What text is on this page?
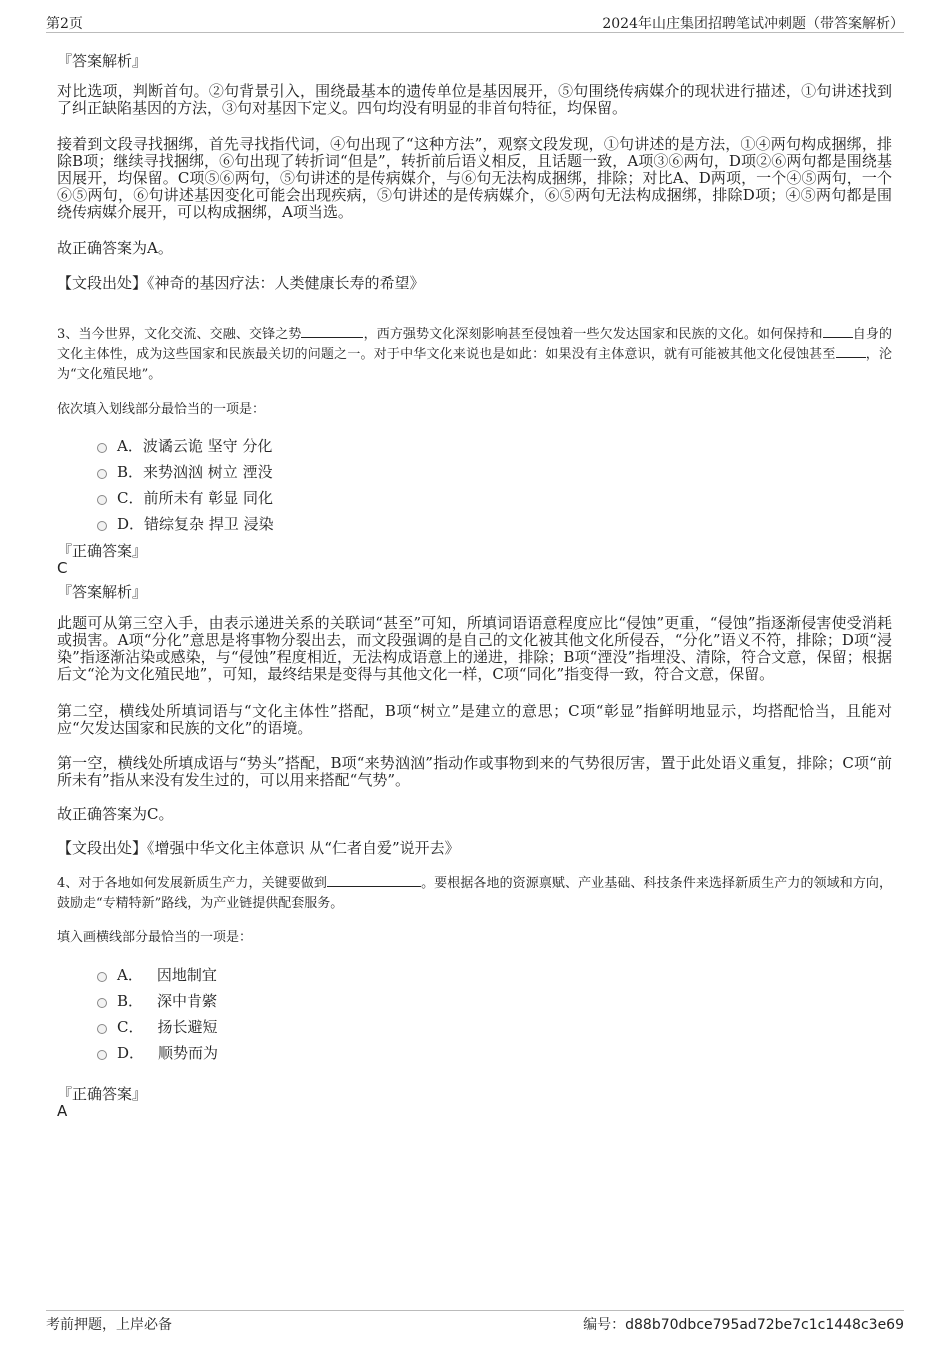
第2页	2024年山庄集团招聘笔试冲刺题（带答案解析）
『答案解析』
对比选项，判断首句。②句背景引入，围绕最基本的遗传单位是基因展开，⑤句围绕传病媒介的现状进行描述，①句讲述找到了纠正缺陷基因的方法，③句对基因下定义。四句均没有明显的非首句特征，均保留。
接着到文段寻找捆绑，首先寻找指代词，④句出现了“这种方法”，观察文段发现，①句讲述的是方法，①④两句构成捆绑，排除B项；继续寻找捆绑，⑥句出现了转折词“但是”，转折前后语义相反，且话题一致，A项③⑥两句，D项②⑥两句都是围绕基因展开，均保留。C项⑤⑥两句，⑤句讲述的是传病媒介，与⑥句无法构成捆绑，排除；对比A、D两项，一个④⑤两句，一个⑥⑤两句，⑥句讲述基因变化可能会出现疾病，⑤句讲述的是传病媒介，⑥⑤两句无法构成捆绑，排除D项；④⑤两句都是围绕传病媒介展开，可以构成捆绑，A项当选。
故正确答案为A。
【文段出处】《神奇的基因疗法：人类健康长寿的希望》
3、当今世界，文化交流、交融、交锋之势	，西方强势文化深刻影响甚至侵蚀着一些欠发达国家和民族的文化。如何保持和 自身的文化主体性，成为这些国家和民族最关切的问题之一。对于中华文化来说也是如此：如果没有主体意识，就有可能被其他文化侵蚀甚至 ，沦为“文化殖民地”。
依次填入划线部分最恰当的一项是：
A．波谲云诡 坚守 分化
B．来势汹汹 树立 湮没
C．前所未有 彰显 同化
D．错综复杂 捍卫 浸染
『正确答案』
C
『答案解析』
此题可从第三空入手，由表示递进关系的关联词“甚至”可知，所填词语语意程度应比“侵蚀”更重，“侵蚀”指逐渐侵害使受消耗或损害。A项“分化”意思是将事物分裂出去，而文段强调的是自己的文化被其他文化所侵吞，“分化”语义不符，排除；D项“浸染”指逐渐沾染或感染，与“侵蚀”程度相近，无法构成语意上的递进，排除；B项“湮没”指埋没、清除，符合文意，保留；根据后文“沦为文化殖民地”，可知，最终结果是变得与其他文化一样，C项“同化”指变得一致，符合文意，保留。
第二空，横线处所填词语与“文化主体性”搭配，B项“树立”是建立的意思；C项“彰显”指鲜明地显示，均搭配恰当，且能对应“欠发达国家和民族的文化”的语境。
第一空，横线处所填成语与“势头”搭配，B项“来势汹汹”指动作或事物到来的气势很厉害，置于此处语义重复，排除；C项“前所未有”指从来没有发生过的，可以用来搭配“气势”。
故正确答案为C。
【文段出处】《增强中华文化主体意识 从“仁者自爱”说开去》
4、对于各地如何发展新质生产力，关键要做到	。要根据各地的资源禀赋、产业基础、科技条件来选择新质生产力的领域和方向，鼓励走“专精特新”路线，为产业链提供配套服务。
填入画横线部分最恰当的一项是：
A． 因地制宜
B． 深中肯綮
C． 扬长避短
D． 顺势而为
『正确答案』
A
考前押题，上岸必备	编号：d88b70dbce795ad72be7c1c1448c3e69
